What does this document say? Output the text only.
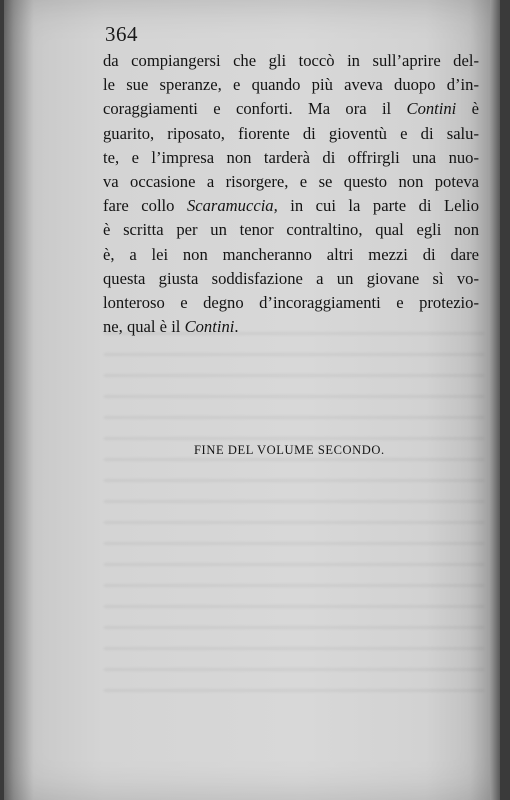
364
da compiangersi che gli toccò in sull’aprire del-
le sue speranze, e quando più aveva duopo d’in-
coraggiamenti e conforti. Ma ora il Contini è
guarito, riposato, fiorente di gioventù e di salu-
te, e l’impresa non tarderà di offrirgli una nuo-
va occasione a risorgere, e se questo non poteva
fare collo Scaramuccia, in cui la parte di Lelio
è scritta per un tenor contraltino, qual egli non
è, a lei non mancheranno altri mezzi di dare
questa giusta soddisfazione a un giovane sì vo-
lonteroso e degno d’incoraggiamenti e protezio-
ne, qual è il Contini.
FINE DEL VOLUME SECONDO.
